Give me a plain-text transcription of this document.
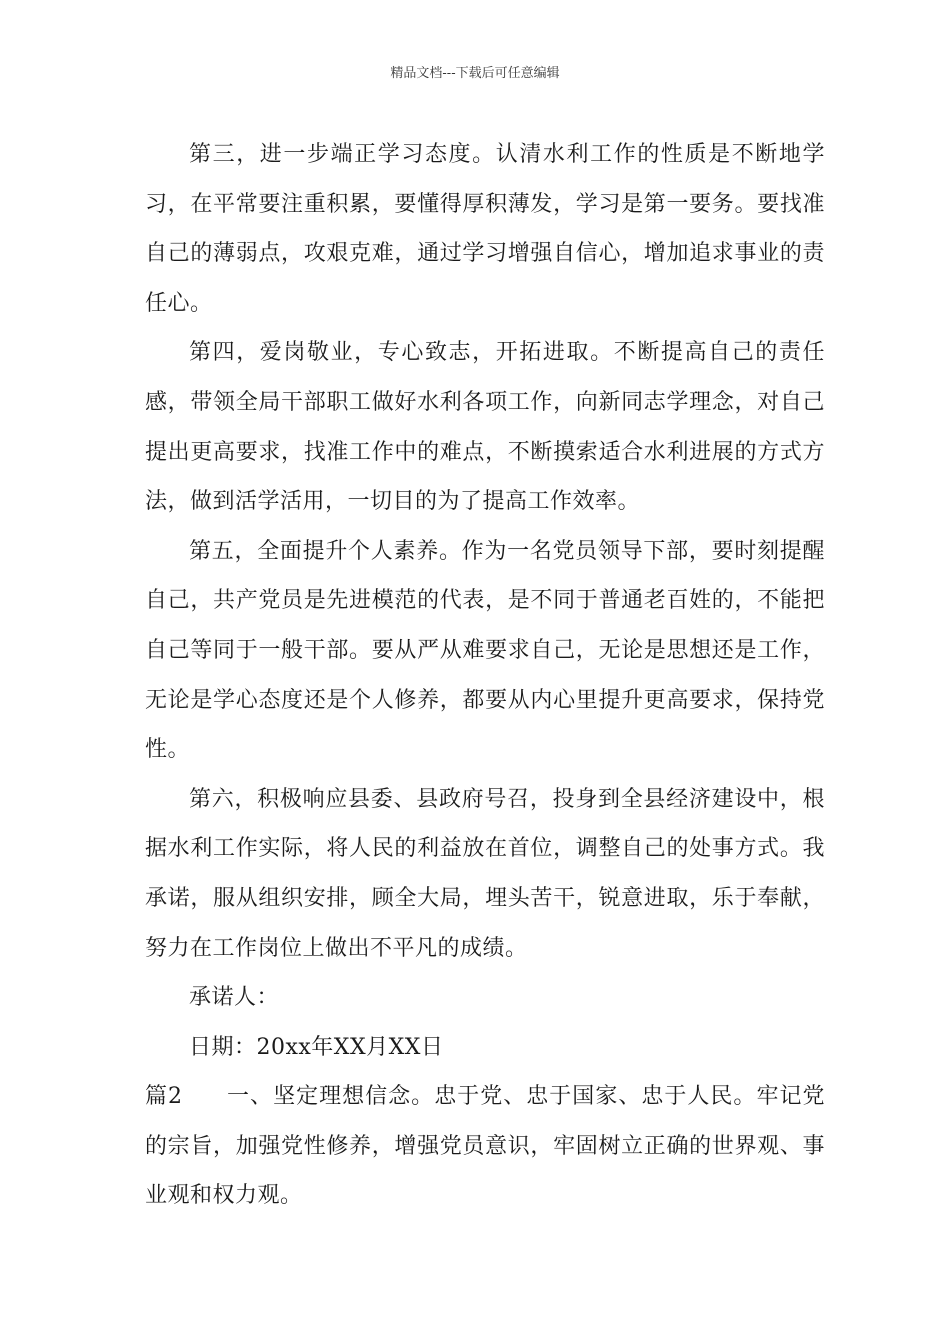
精品文档---下载后可任意编辑

第三，进一步端正学习态度。认清水利工作的性质是不断地学习，在平常要注重积累，要懂得厚积薄发，学习是第一要务。要找准自己的薄弱点，攻艰克难，通过学习增强自信心，增加追求事业的责任心。

第四，爱岗敬业，专心致志，开拓进取。不断提高自己的责任感，带领全局干部职工做好水利各项工作，向新同志学理念，对自己提出更高要求，找准工作中的难点，不断摸索适合水利进展的方式方法，做到活学活用，一切目的为了提高工作效率。

第五，全面提升个人素养。作为一名党员领导下部，要时刻提醒自己，共产党员是先进模范的代表，是不同于普通老百姓的，不能把自己等同于一般干部。要从严从难要求自己，无论是思想还是工作，无论是学心态度还是个人修养，都要从内心里提升更高要求，保持党性。

第六，积极响应县委、县政府号召，投身到全县经济建设中，根据水利工作实际，将人民的利益放在首位，调整自己的处事方式。我承诺，服从组织安排，顾全大局，埋头苦干，锐意进取，乐于奉献，努力在工作岗位上做出不平凡的成绩。

承诺人：

日期：20xx年XX月XX日

篇2 一、坚定理想信念。忠于党、忠于国家、忠于人民。牢记党的宗旨，加强党性修养，增强党员意识，牢固树立正确的世界观、事业观和权力观。
